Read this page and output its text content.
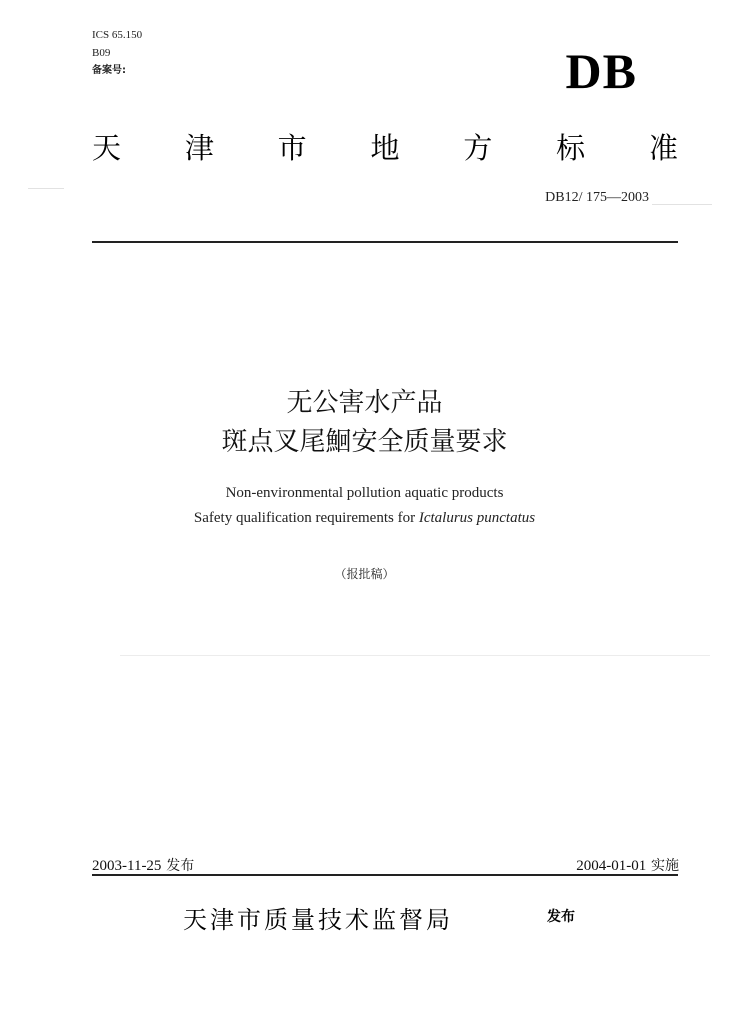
ICS 65.150
B09
备案号:	DB
天 津 市 地 方 标 准
DB12/ 175—2003
无公害水产品
斑点叉尾鮰安全质量要求
Non-environmental pollution aquatic products
Safety qualification requirements for Ictalurus punctatus
（报批稿）
2003-11-25 发布	2004-01-01 实施
天津市质量技术监督局	发布
